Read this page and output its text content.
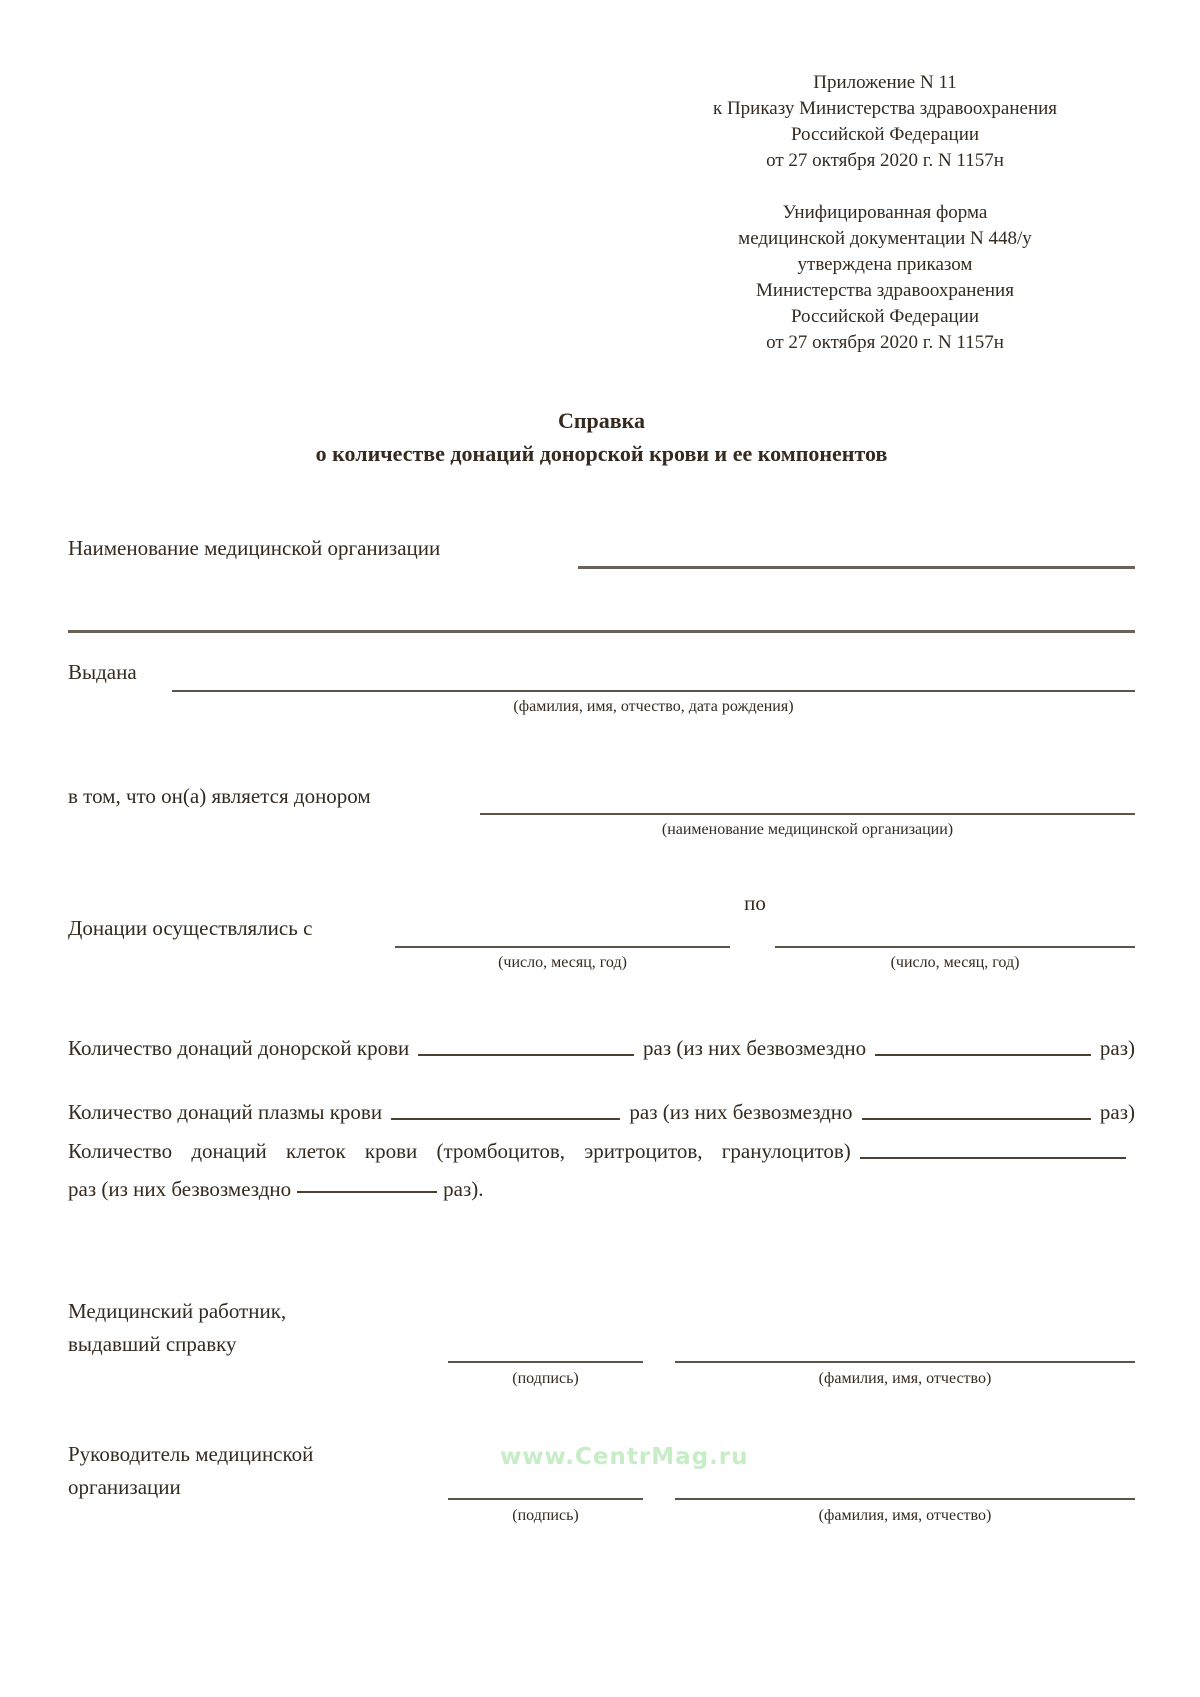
Приложение N 11
к Приказу Министерства здравоохранения
Российской Федерации
от 27 октября 2020 г. N 1157н
Унифицированная форма
медицинской документации N 448/у
утверждена приказом
Министерства здравоохранения
Российской Федерации
от 27 октября 2020 г. N 1157н
Справка
о количестве донаций донорской крови и ее компонентов
Наименование медицинской организации
Выдана
(фамилия, имя, отчество, дата рождения)
в том, что он(а) является донором
(наименование медицинской организации)
по
Донации осуществлялись с
(число, месяц, год)	(число, месяц, год)
Количество донаций донорской крови	раз (из них безвозмездно	раз)
Количество донаций плазмы крови	раз (из них безвозмездно	раз)
Количество донаций клеток крови (тромбоцитов, эритроцитов, гранулоцитов)
раз (из них безвозмездно	раз).
Медицинский работник,
выдавший справку
(подпись)	(фамилия, имя, отчество)
Руководитель медицинской
организации
www.CentrMag.ru
(подпись)	(фамилия, имя, отчество)
